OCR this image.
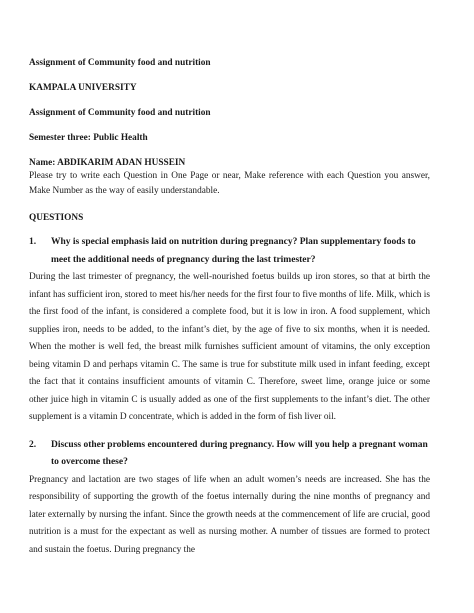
Assignment of Community food and nutrition

KAMPALA UNIVERSITY

Assignment of Community food and nutrition

Semester three: Public Health

Name: ABDIKARIM ADAN HUSSEIN

Please try to write each Question in One Page or near, Make reference with each Question you answer, Make Number as the way of easily understandable.

QUESTIONS

1.	Why is special emphasis laid on nutrition during pregnancy? Plan supplementary foods to meet the additional needs of pregnancy during the last trimester?

During the last trimester of pregnancy, the well-nourished foetus builds up iron stores, so that at birth the infant has sufficient iron, stored to meet his/her needs for the first four to five months of life. Milk, which is the first food of the infant, is considered a complete food, but it is low in iron. A food supplement, which supplies iron, needs to be added, to the infant’s diet, by the age of five to six months, when it is needed. When the mother is well fed, the breast milk furnishes sufficient amount of vitamins, the only exception being vitamin D and perhaps vitamin C. The same is true for substitute milk used in infant feeding, except the fact that it contains insufficient amounts of vitamin C. Therefore, sweet lime, orange juice or some other juice high in vitamin C is usually added as one of the first supplements to the infant’s diet. The other supplement is a vitamin D concentrate, which is added in the form of fish liver oil.

2.	Discuss other problems encountered during pregnancy. How will you help a pregnant woman to overcome these?

Pregnancy and lactation are two stages of life when an adult women’s needs are increased. She has the responsibility of supporting the growth of the foetus internally during the nine months of pregnancy and later externally by nursing the infant. Since the growth needs at the commencement of life are crucial, good nutrition is a must for the expectant as well as nursing mother. A number of tissues are formed to protect and sustain the foetus. During pregnancy the
